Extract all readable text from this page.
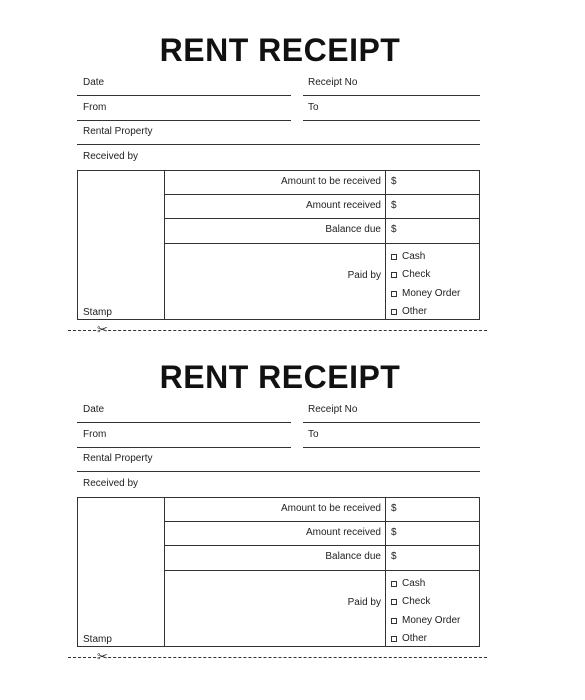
RENT RECEIPT
Date	Receipt No
From	To
Rental Property
Received by
Amount to be received $
Amount received $
Balance due $
Paid by
Cash
Check
Money Order
Other
Stamp
✂
RENT RECEIPT
Date	Receipt No
From	To
Rental Property
Received by
Amount to be received $
Amount received $
Balance due $
Paid by
Cash
Check
Money Order
Other
Stamp
✂
